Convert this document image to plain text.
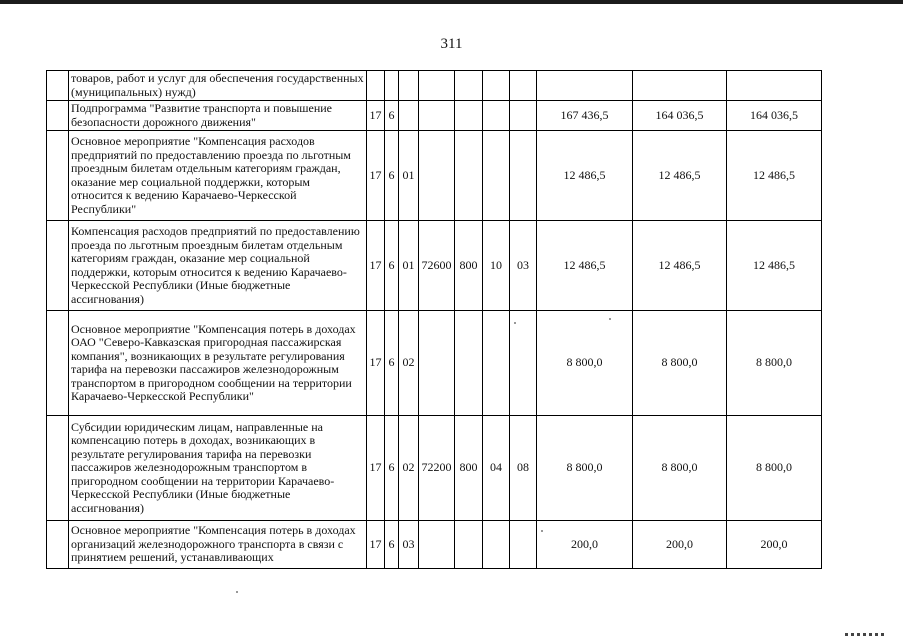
311
	товаров, работ и услуг для обеспечения государственных (муниципальных) нужд)										
	Подпрограмма "Развитие транспорта и повышение безопасности дорожного движения"	17	6						167 436,5	164 036,5	164 036,5
	Основное мероприятие "Компенсация расходов предприятий по предоставлению проезда по льготным проездным билетам отдельным категориям граждан, оказание мер социальной поддержки, которым относится к ведению Карачаево-Черкесской Республики"	17	6	01					12 486,5	12 486,5	12 486,5
	Компенсация расходов предприятий по предоставлению проезда по льготным проездным билетам отдельным категориям граждан, оказание мер социальной поддержки, которым относится к ведению Карачаево-Черкесской Республики (Иные бюджетные ассигнования)	17	6	01	72600	800	10	03	12 486,5	12 486,5	12 486,5
	Основное мероприятие "Компенсация потерь в доходах ОАО "Северо-Кавказская пригородная пассажирская компания", возникающих в результате регулирования тарифа на перевозки пассажиров железнодорожным транспортом в пригородном сообщении на территории Карачаево-Черкесской Республики"	17	6	02					8 800,0	8 800,0	8 800,0
	Субсидии юридическим лицам, направленные на компенсацию потерь в доходах, возникающих в результате регулирования тарифа на перевозки пассажиров железнодорожным транспортом в пригородном сообщении на территории Карачаево-Черкесской Республики (Иные бюджетные ассигнования)	17	6	02	72200	800	04	08	8 800,0	8 800,0	8 800,0
	Основное мероприятие "Компенсация потерь в доходах организаций железнодорожного транспорта в связи с принятием решений, устанавливающих	17	6	03					200,0	200,0	200,0
